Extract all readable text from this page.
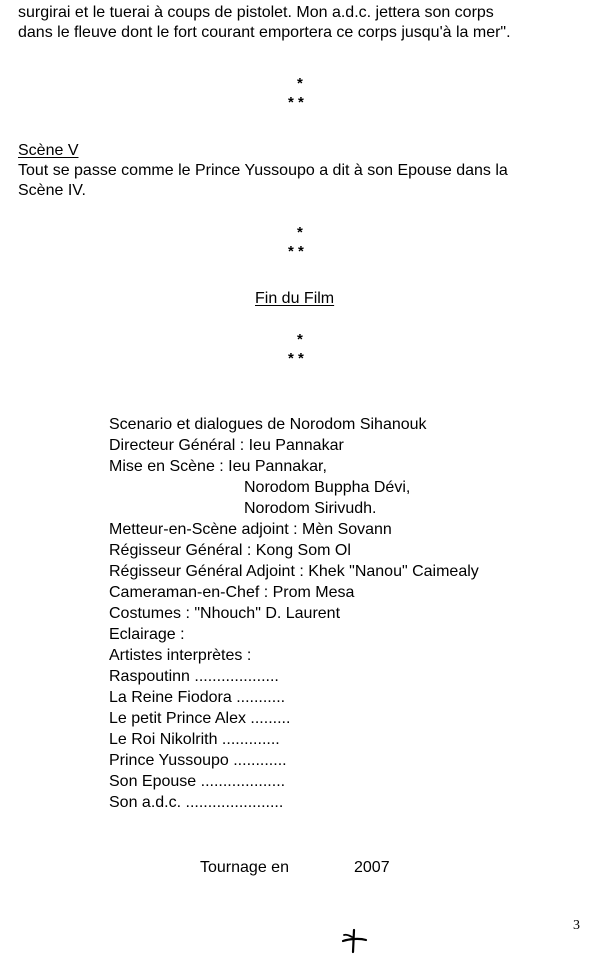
surgirai et le tuerai à coups de pistolet. Mon a.d.c. jettera son corps
dans le fleuve dont le fort courant emportera ce corps jusqu'à la mer".
*
* *
Scène V
Tout se passe comme le Prince Yussoupo a dit à son Epouse dans la
Scène IV.
*
* *
Fin du Film
*
* *
Scenario et dialogues de Norodom Sihanouk
Directeur Général : Ieu Pannakar
Mise en Scène : Ieu Pannakar,
Norodom Buppha Dévi,
Norodom Sirivudh.
Metteur-en-Scène adjoint : Mèn Sovann
Régisseur Général : Kong Som Ol
Régisseur Général Adjoint : Khek "Nanou" Caimealy
Cameraman-en-Chef : Prom Mesa
Costumes : "Nhouch" D. Laurent
Eclairage :
Artistes interprètes :
Raspoutinn ...................
La Reine Fiodora ...........
Le petit Prince Alex .........
Le Roi Nikolrith .............
Prince Yussoupo ............
Son Epouse ...................
Son a.d.c. ......................
Tournage en	2007
3
